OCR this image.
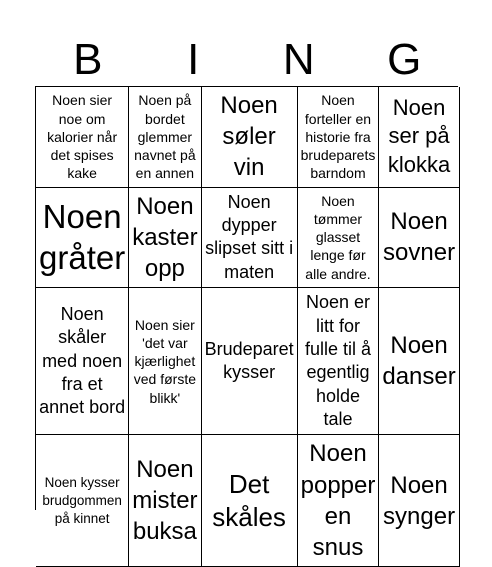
B	I	N	G
Noen sier noe om kalorier når det spises kake
Noen på bordet glemmer navnet på en annen
Noen søler vin
Noen forteller en historie fra brudeparets barndom
Noen ser på klokka
Noen gråter
Noen kaster opp
Noen dypper slipset sitt i maten
Noen tømmer glasset lenge før alle andre.
Noen sovner
Noen skåler med noen fra et annet bord
Noen sier 'det var kjærlighet ved første blikk'
Brudeparet kysser
Noen er litt for fulle til å egentlig holde tale
Noen danser
Noen kysser brudgommen på kinnet
Noen mister buksa
Det skåles
Noen popper en snus
Noen synger
